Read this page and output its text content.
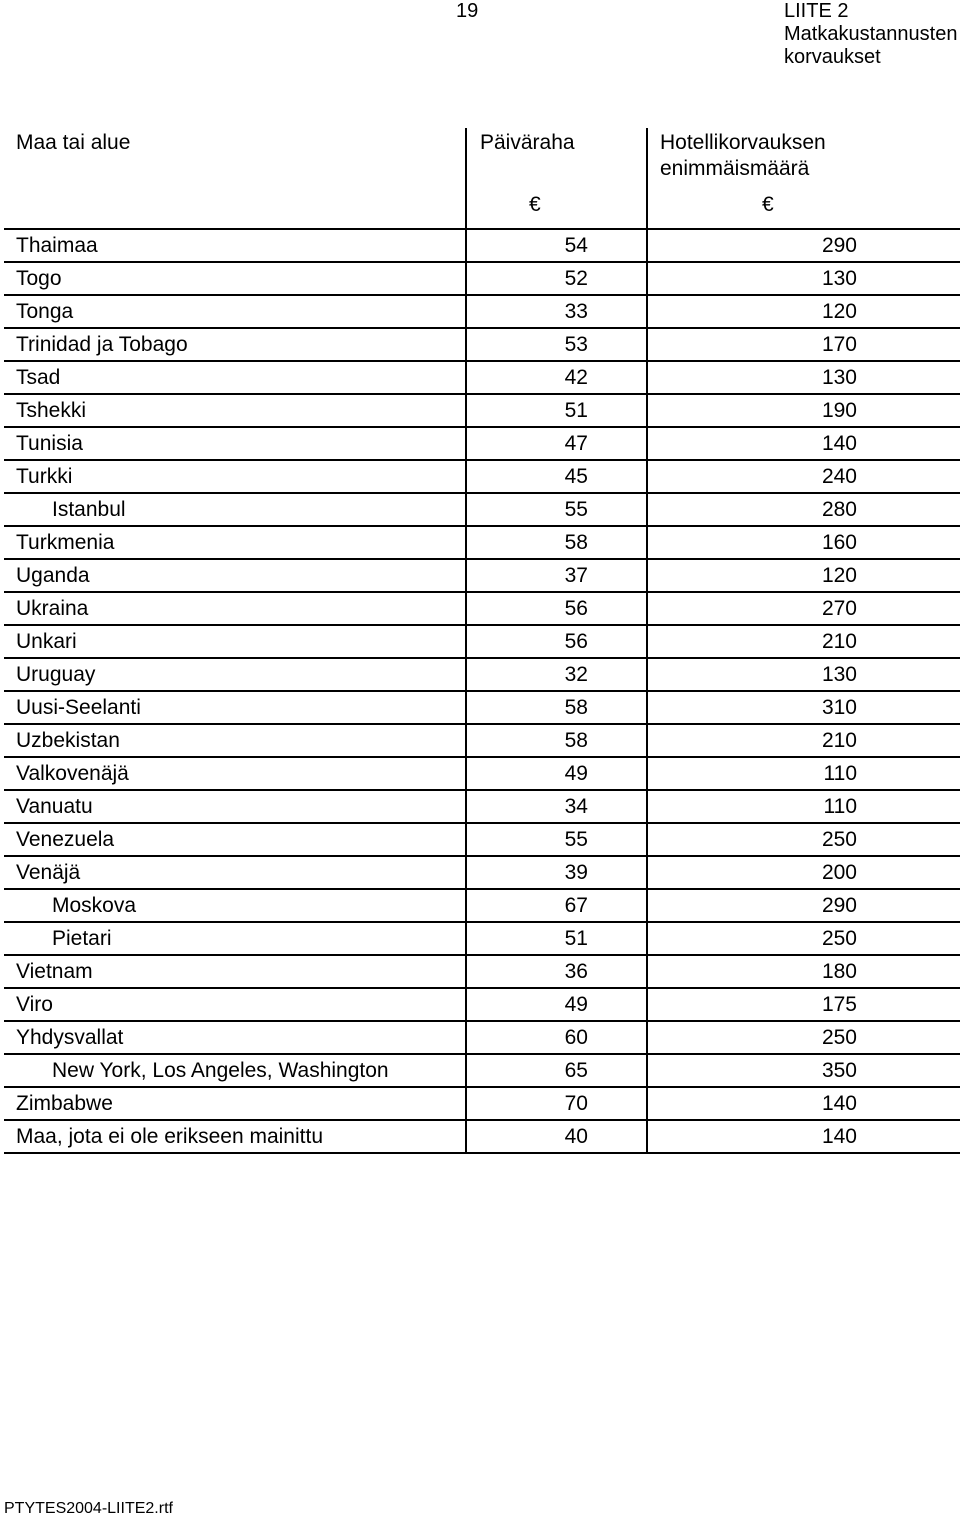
19	LIITE 2
Matkakustannusten
korvaukset
Maa tai alue	Päiväraha	Hotellikorvauksen
enimmäismäärä

	€	€
Thaimaa	54	290
Togo	52	130
Tonga	33	120
Trinidad ja Tobago	53	170
Tsad	42	130
Tshekki	51	190
Tunisia	47	140
Turkki	45	240
Istanbul	55	280
Turkmenia	58	160
Uganda	37	120
Ukraina	56	270
Unkari	56	210
Uruguay	32	130
Uusi-Seelanti	58	310
Uzbekistan	58	210
Valkovenäjä	49	110
Vanuatu	34	110
Venezuela	55	250
Venäjä	39	200
Moskova	67	290
Pietari	51	250
Vietnam	36	180
Viro	49	175
Yhdysvallat	60	250
New York, Los Angeles, Washington	65	350
Zimbabwe	70	140
Maa, jota ei ole erikseen mainittu	40	140
PTYTES2004-LIITE2.rtf
